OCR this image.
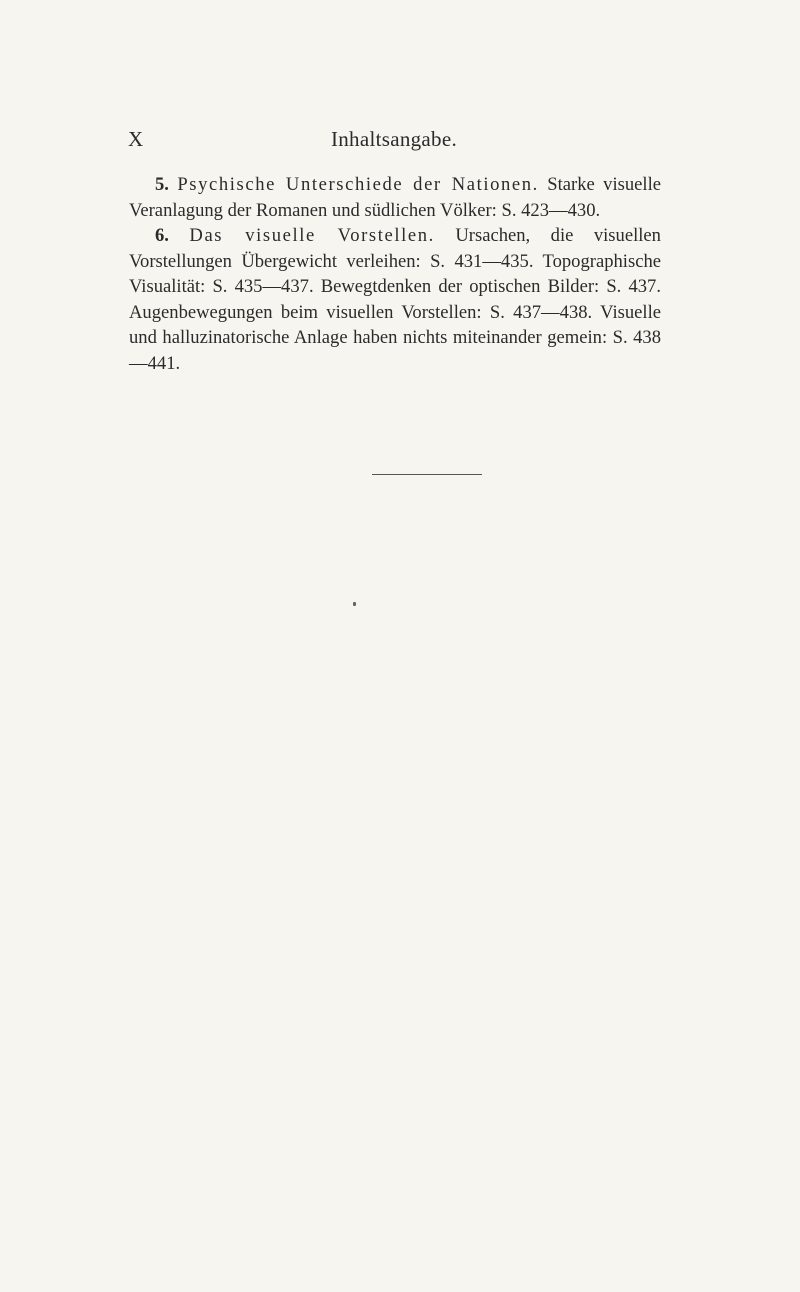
X	Inhaltsangabe.

5. Psychische Unterschiede der Nationen. Starke visuelle Veranlagung der Romanen und südlichen Völker: S. 423—430.

6. Das visuelle Vorstellen. Ursachen, die visuellen Vorstellungen Übergewicht verleihen: S. 431—435. Topographische Visualität: S. 435—437. Bewegtdenken der optischen Bilder: S. 437. Augenbewegungen beim visuellen Vorstellen: S. 437—438. Visuelle und halluzinatorische Anlage haben nichts miteinander gemein: S. 438—441.
